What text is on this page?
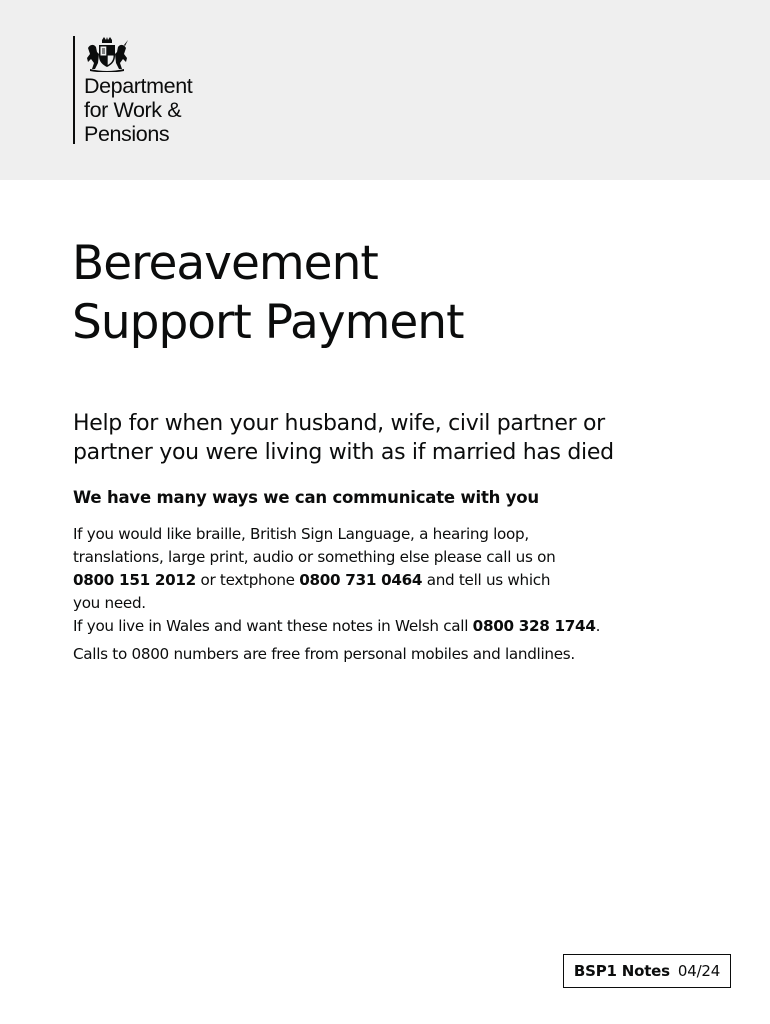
Department
for Work &
Pensions
Bereavement
Support Payment

Help for when your husband, wife, civil partner or
partner you were living with as if married has died

We have many ways we can communicate with you

If you would like braille, British Sign Language, a hearing loop,
translations, large print, audio or something else please call us on
0800 151 2012 or textphone 0800 731 0464 and tell us which
you need.

If you live in Wales and want these notes in Welsh call 0800 328 1744.

Calls to 0800 numbers are free from personal mobiles and landlines.

BSP1 Notes 04/24
